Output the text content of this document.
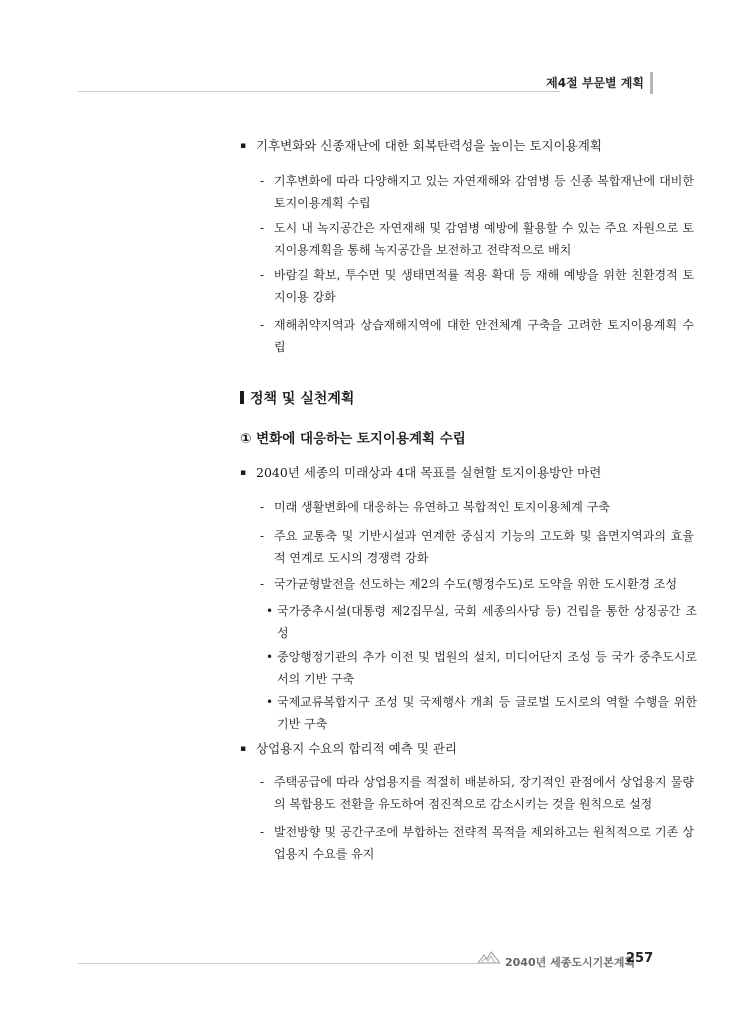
제4절 부문별 계획
▪ 기후변화와 신종재난에 대한 회복탄력성을 높이는 토지이용계획
- 기후변화에 따라 다양해지고 있는 자연재해와 감염병 등 신종 복합재난에 대비한 토지이용계획 수립
- 도시 내 녹지공간은 자연재해 및 감염병 예방에 활용할 수 있는 주요 자원으로 토지이용계획을 통해 녹지공간을 보전하고 전략적으로 배치
- 바람길 확보, 투수면 및 생태면적률 적용 확대 등 재해 예방을 위한 친환경적 토지이용 강화
- 재해취약지역과 상습재해지역에 대한 안전체계 구축을 고려한 토지이용계획 수립
정책 및 실천계획
① 변화에 대응하는 토지이용계획 수립
▪ 2040년 세종의 미래상과 4대 목표를 실현할 토지이용방안 마련
- 미래 생활변화에 대응하는 유연하고 복합적인 토지이용체계 구축
- 주요 교통축 및 기반시설과 연계한 중심지 기능의 고도화 및 읍면지역과의 효율적 연계로 도시의 경쟁력 강화
- 국가균형발전을 선도하는 제2의 수도(행정수도)로 도약을 위한 도시환경 조성
• 국가중추시설(대통령 제2집무실, 국회 세종의사당 등) 건립을 통한 상징공간 조성
• 중앙행정기관의 추가 이전 및 법원의 설치, 미디어단지 조성 등 국가 중추도시로서의 기반 구축
• 국제교류복합지구 조성 및 국제행사 개최 등 글로벌 도시로의 역할 수행을 위한 기반 구축
▪ 상업용지 수요의 합리적 예측 및 관리
- 주택공급에 따라 상업용지를 적절히 배분하되, 장기적인 관점에서 상업용지 물량의 복합용도 전환을 유도하여 점진적으로 감소시키는 것을 원칙으로 설정
- 발전방향 및 공간구조에 부합하는 전략적 목적을 제외하고는 원칙적으로 기존 상업용지 수요를 유지
2040년 세종도시기본계획
257
